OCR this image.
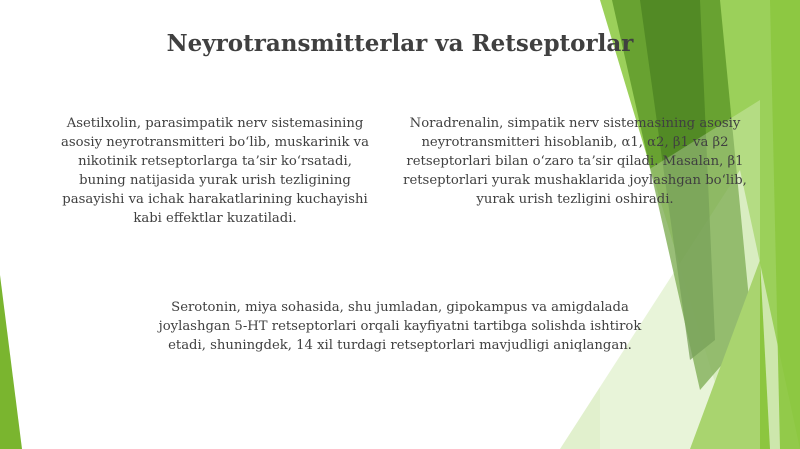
Neyrotransmitterlar va Retseptorlar
Asetilxolin, parasimpatik nerv sistemasining asosiy neyrotransmitteri boʻlib, muskarinik va nikotinik retseptorlarga taʼsir koʻrsatadi, buning natijasida yurak urish tezligining pasayishi va ichak harakatlarining kuchayishi kabi effektlar kuzatiladi.
Noradrenalin, simpatik nerv sistemasining asosiy neyrotransmitteri hisoblanib, α1, α2, β1 va β2 retseptorlari bilan oʻzaro taʼsir qiladi. Masalan, β1 retseptorlari yurak mushaklarida joylashgan boʻlib, yurak urish tezligini oshiradi.
Serotonin, miya sohasida, shu jumladan, gipokampus va amigdalada joylashgan 5-HT retseptorlari orqali kayfiyatni tartibga solishda ishtirok etadi, shuningdek, 14 xil turdagi retseptorlari mavjudligi aniqlangan.
